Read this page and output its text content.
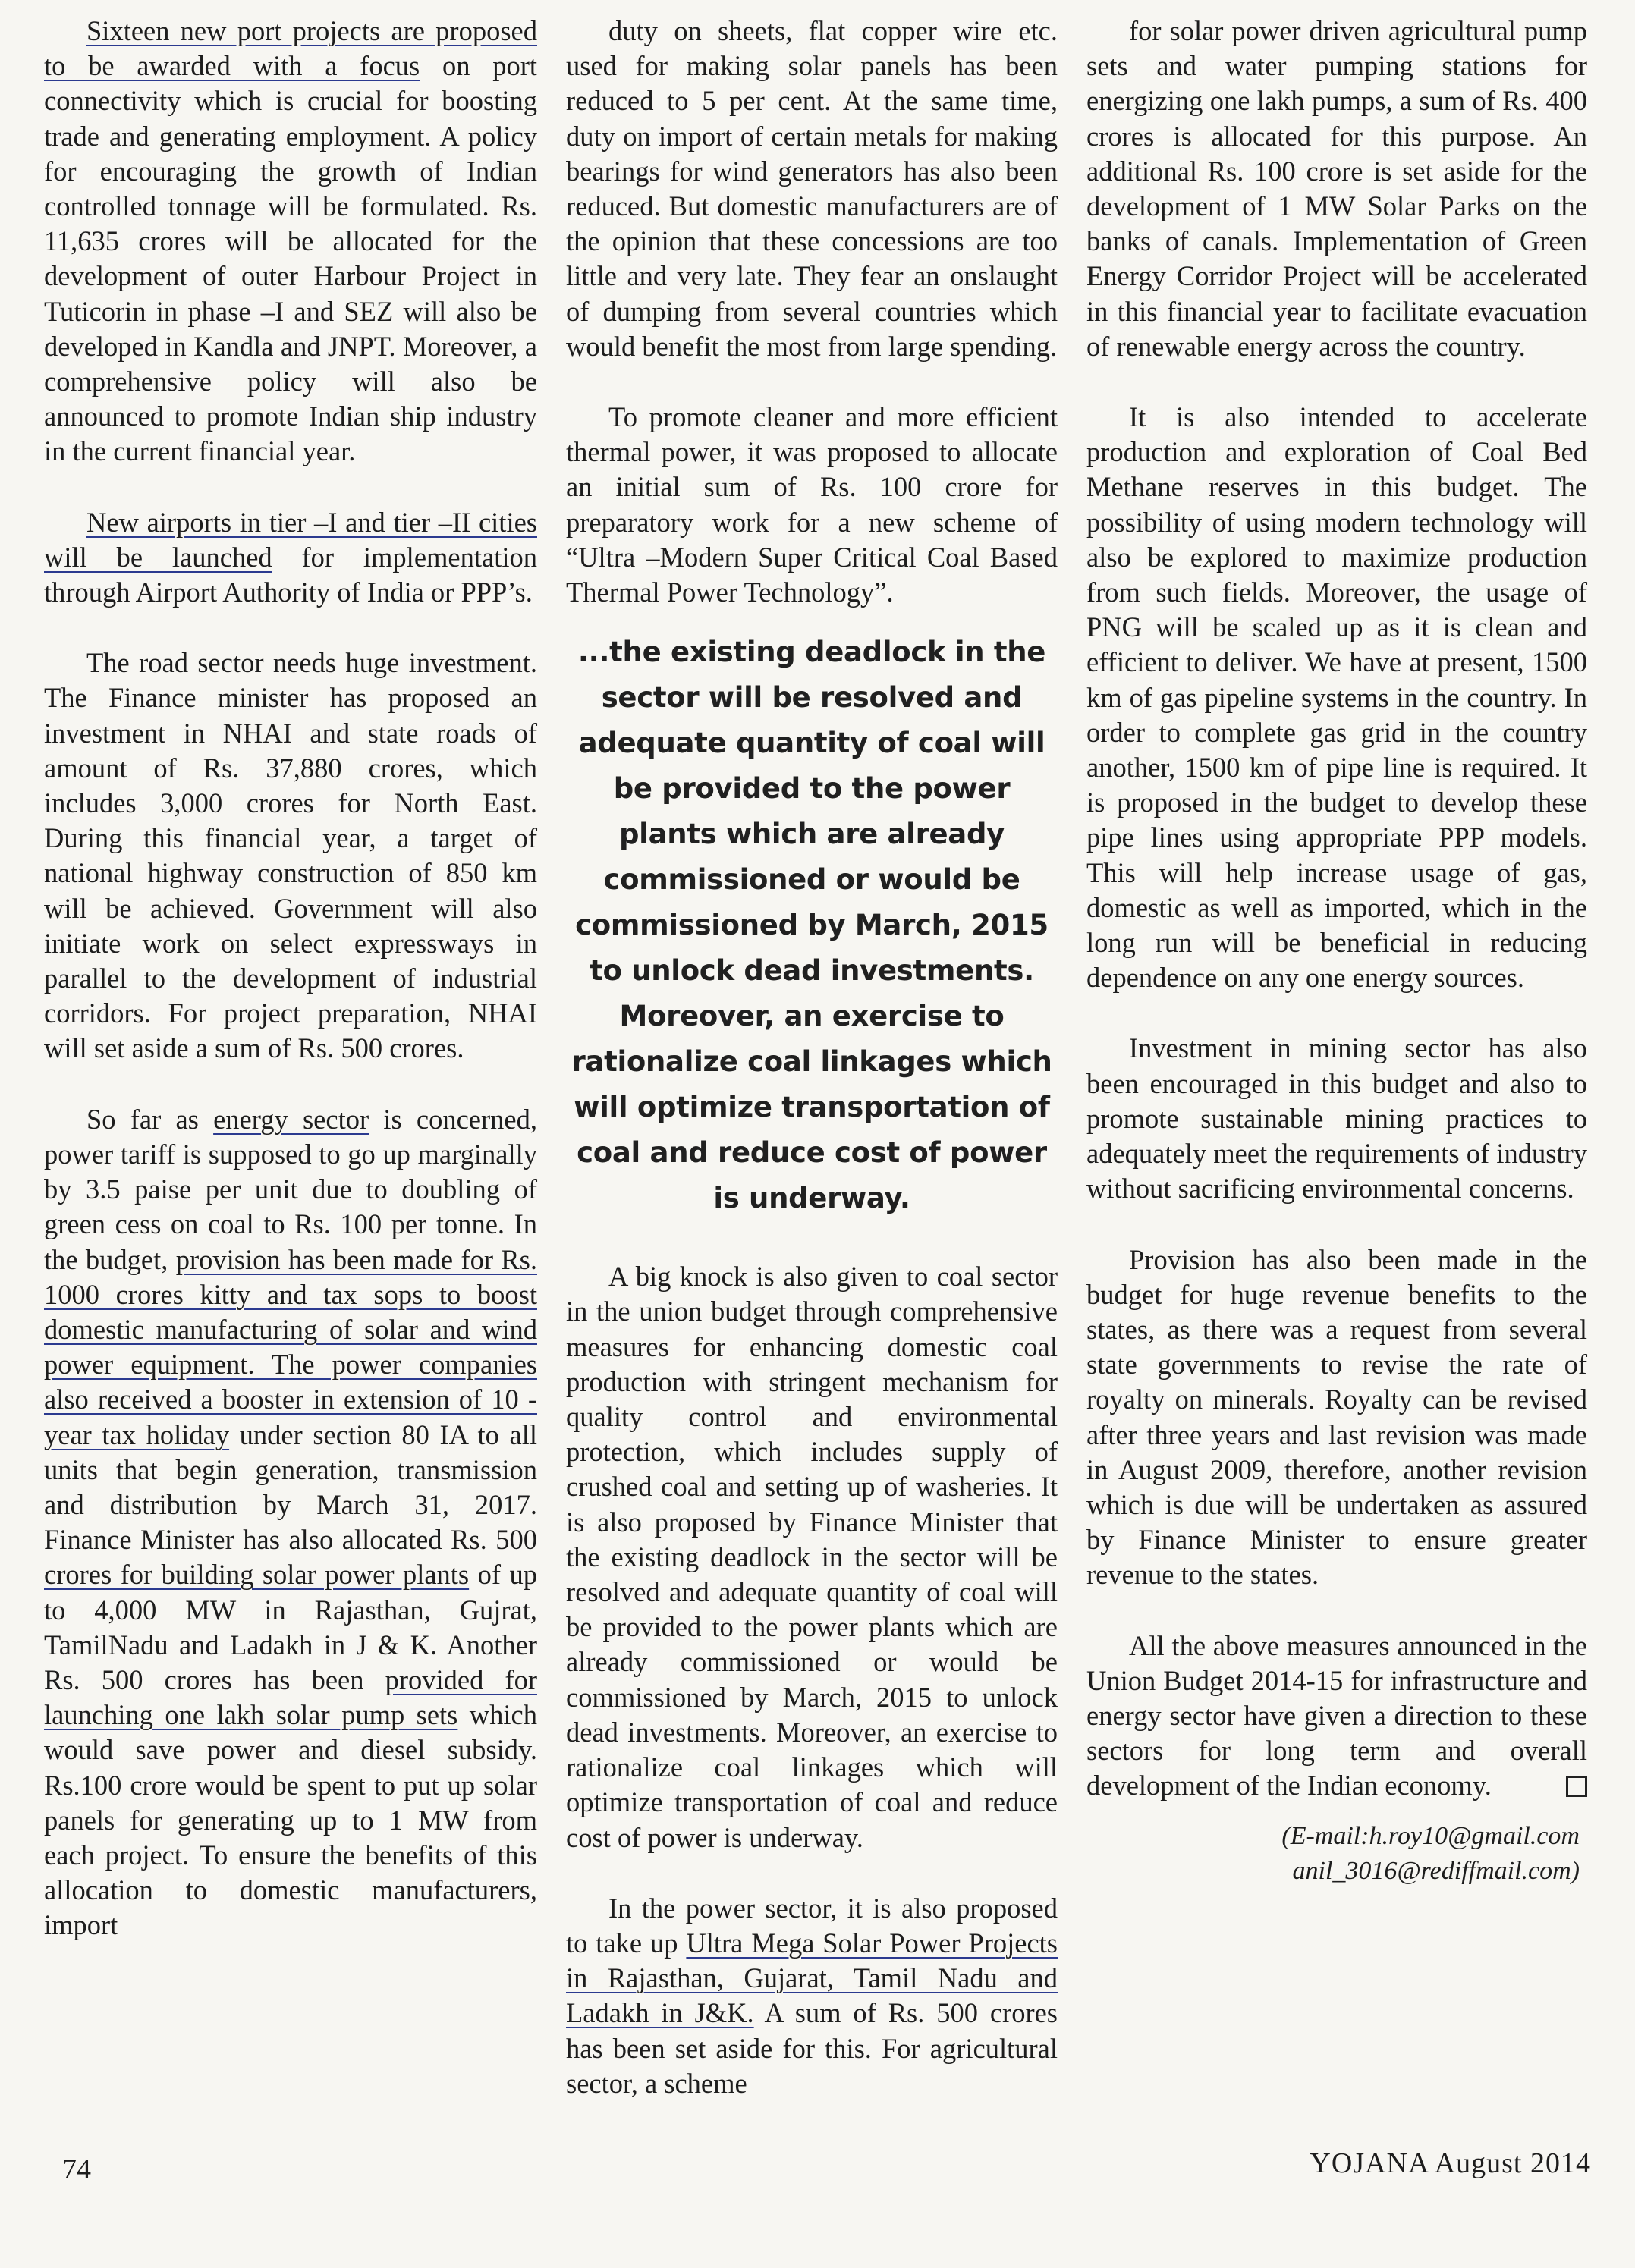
Sixteen new port projects are proposed to be awarded with a focus on port connectivity which is crucial for boosting trade and generating employment. A policy for encouraging the growth of Indian controlled tonnage will be formulated. Rs. 11,635 crores will be allocated for the development of outer Harbour Project in Tuticorin in phase –I and SEZ will also be developed in Kandla and JNPT. Moreover, a comprehensive policy will also be announced to promote Indian ship industry in the current financial year.

New airports in tier –I and tier –II cities will be launched for implementation through Airport Authority of India or PPP’s.

The road sector needs huge investment. The Finance minister has proposed an investment in NHAI and state roads of amount of Rs. 37,880 crores, which includes 3,000 crores for North East. During this financial year, a target of national highway construction of 850 km will be achieved. Government will also initiate work on select expressways in parallel to the development of industrial corridors. For project preparation, NHAI will set aside a sum of Rs. 500 crores.

So far as energy sector is concerned, power tariff is supposed to go up marginally by 3.5 paise per unit due to doubling of green cess on coal to Rs. 100 per tonne. In the budget, provision has been made for Rs. 1000 crores kitty and tax sops to boost domestic manufacturing of solar and wind power equipment. The power companies also received a booster in extension of 10 - year tax holiday under section 80 IA to all units that begin generation, transmission and distribution by March 31, 2017. Finance Minister has also allocated Rs. 500 crores for building solar power plants of up to 4,000 MW in Rajasthan, Gujrat, TamilNadu and Ladakh in J & K. Another Rs. 500 crores has been provided for launching one lakh solar pump sets which would save power and diesel subsidy. Rs.100 crore would be spent to put up solar panels for generating up to 1 MW from each project. To ensure the benefits of this allocation to domestic manufacturers, import

duty on sheets, flat copper wire etc. used for making solar panels has been reduced to 5 per cent. At the same time, duty on import of certain metals for making bearings for wind generators has also been reduced. But domestic manufacturers are of the opinion that these concessions are too little and very late. They fear an onslaught of dumping from several countries which would benefit the most from large spending.

To promote cleaner and more efficient thermal power, it was proposed to allocate an initial sum of Rs. 100 crore for preparatory work for a new scheme of “Ultra –Modern Super Critical Coal Based Thermal Power Technology”.

...the existing deadlock in the sector will be resolved and adequate quantity of coal will be provided to the power plants which are already commissioned or would be commissioned by March, 2015 to unlock dead investments. Moreover, an exercise to rationalize coal linkages which will optimize transportation of coal and reduce cost of power is underway.

A big knock is also given to coal sector in the union budget through comprehensive measures for enhancing domestic coal production with stringent mechanism for quality control and environmental protection, which includes supply of crushed coal and setting up of washeries. It is also proposed by Finance Minister that the existing deadlock in the sector will be resolved and adequate quantity of coal will be provided to the power plants which are already commissioned or would be commissioned by March, 2015 to unlock dead investments. Moreover, an exercise to rationalize coal linkages which will optimize transportation of coal and reduce cost of power is underway.

In the power sector, it is also proposed to take up Ultra Mega Solar Power Projects in Rajasthan, Gujarat, Tamil Nadu and Ladakh in J&K. A sum of Rs. 500 crores has been set aside for this. For agricultural sector, a scheme

for solar power driven agricultural pump sets and water pumping stations for energizing one lakh pumps, a sum of Rs. 400 crores is allocated for this purpose. An additional Rs. 100 crore is set aside for the development of 1 MW Solar Parks on the banks of canals. Implementation of Green Energy Corridor Project will be accelerated in this financial year to facilitate evacuation of renewable energy across the country.

It is also intended to accelerate production and exploration of Coal Bed Methane reserves in this budget. The possibility of using modern technology will also be explored to maximize production from such fields. Moreover, the usage of PNG will be scaled up as it is clean and efficient to deliver. We have at present, 1500 km of gas pipeline systems in the country. In order to complete gas grid in the country another, 1500 km of pipe line is required. It is proposed in the budget to develop these pipe lines using appropriate PPP models. This will help increase usage of gas, domestic as well as imported, which in the long run will be beneficial in reducing dependence on any one energy sources.

Investment in mining sector has also been encouraged in this budget and also to promote sustainable mining practices to adequately meet the requirements of industry without sacrificing environmental concerns.

Provision has also been made in the budget for huge revenue benefits to the states, as there was a request from several state governments to revise the rate of royalty on minerals. Royalty can be revised after three years and last revision was made in August 2009, therefore, another revision which is due will be undertaken as assured by Finance Minister to ensure greater revenue to the states.

All the above measures announced in the Union Budget 2014-15 for infrastructure and energy sector have given a direction to these sectors for long term and overall development of the Indian economy.

(E-mail:h.roy10@gmail.com
anil_3016@rediffmail.com)
74	YOJANA August 2014
